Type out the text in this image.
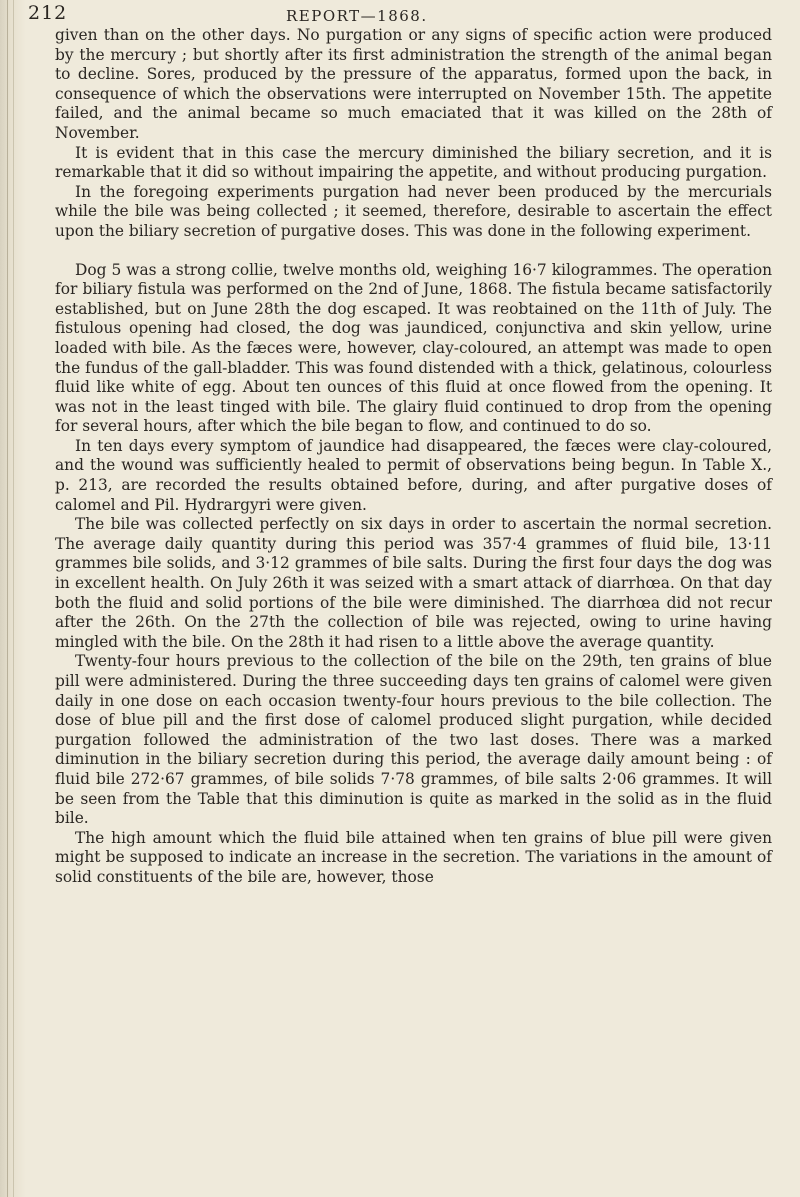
212	REPORT—1868.

given than on the other days. No purgation or any signs of specific action were produced by the mercury ; but shortly after its first administration the strength of the animal began to decline. Sores, produced by the pressure of the apparatus, formed upon the back, in consequence of which the observations were interrupted on November 15th. The appetite failed, and the animal became so much emaciated that it was killed on the 28th of November.

It is evident that in this case the mercury diminished the biliary secretion, and it is remarkable that it did so without impairing the appetite, and without producing purgation.

In the foregoing experiments purgation had never been produced by the mercurials while the bile was being collected ; it seemed, therefore, desirable to ascertain the effect upon the biliary secretion of purgative doses. This was done in the following experiment.

Dog 5 was a strong collie, twelve months old, weighing 16·7 kilogrammes. The operation for biliary fistula was performed on the 2nd of June, 1868. The fistula became satisfactorily established, but on June 28th the dog escaped. It was reobtained on the 11th of July. The fistulous opening had closed, the dog was jaundiced, conjunctiva and skin yellow, urine loaded with bile. As the fæces were, however, clay-coloured, an attempt was made to open the fundus of the gall-bladder. This was found distended with a thick, gelatinous, colourless fluid like white of egg. About ten ounces of this fluid at once flowed from the opening. It was not in the least tinged with bile. The glairy fluid continued to drop from the opening for several hours, after which the bile began to flow, and continued to do so.

In ten days every symptom of jaundice had disappeared, the fæces were clay-coloured, and the wound was sufficiently healed to permit of observations being begun. In Table X., p. 213, are recorded the results obtained before, during, and after purgative doses of calomel and Pil. Hydrargyri were given.

The bile was collected perfectly on six days in order to ascertain the normal secretion. The average daily quantity during this period was 357·4 grammes of fluid bile, 13·11 grammes bile solids, and 3·12 grammes of bile salts. During the first four days the dog was in excellent health. On July 26th it was seized with a smart attack of diarrhœa. On that day both the fluid and solid portions of the bile were diminished. The diarrhœa did not recur after the 26th. On the 27th the collection of bile was rejected, owing to urine having mingled with the bile. On the 28th it had risen to a little above the average quantity.

Twenty-four hours previous to the collection of the bile on the 29th, ten grains of blue pill were administered. During the three succeeding days ten grains of calomel were given daily in one dose on each occasion twenty-four hours previous to the bile collection. The dose of blue pill and the first dose of calomel produced slight purgation, while decided purgation followed the administration of the two last doses. There was a marked diminution in the biliary secretion during this period, the average daily amount being : of fluid bile 272·67 grammes, of bile solids 7·78 grammes, of bile salts 2·06 grammes. It will be seen from the Table that this diminution is quite as marked in the solid as in the fluid bile.

The high amount which the fluid bile attained when ten grains of blue pill were given might be supposed to indicate an increase in the secretion. The variations in the amount of solid constituents of the bile are, however, those
